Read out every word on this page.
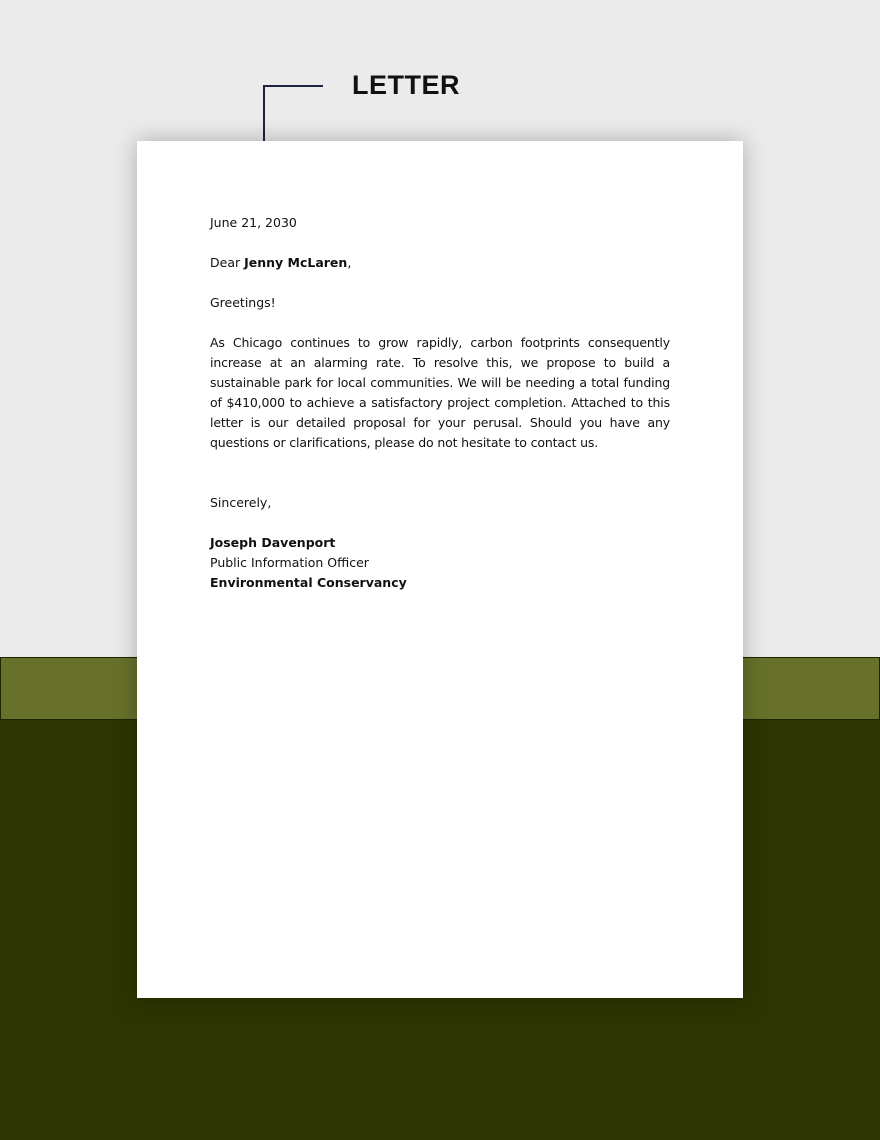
LETTER

June 21, 2030

Dear Jenny McLaren,

Greetings!

As Chicago continues to grow rapidly, carbon footprints consequently increase at an alarming rate. To resolve this, we propose to build a sustainable park for local communities. We will be needing a total funding of $410,000 to achieve a satisfactory project completion. Attached to this letter is our detailed proposal for your perusal. Should you have any questions or clarifications, please do not hesitate to contact us.

Sincerely,

Joseph Davenport

Public Information Officer

Environmental Conservancy
